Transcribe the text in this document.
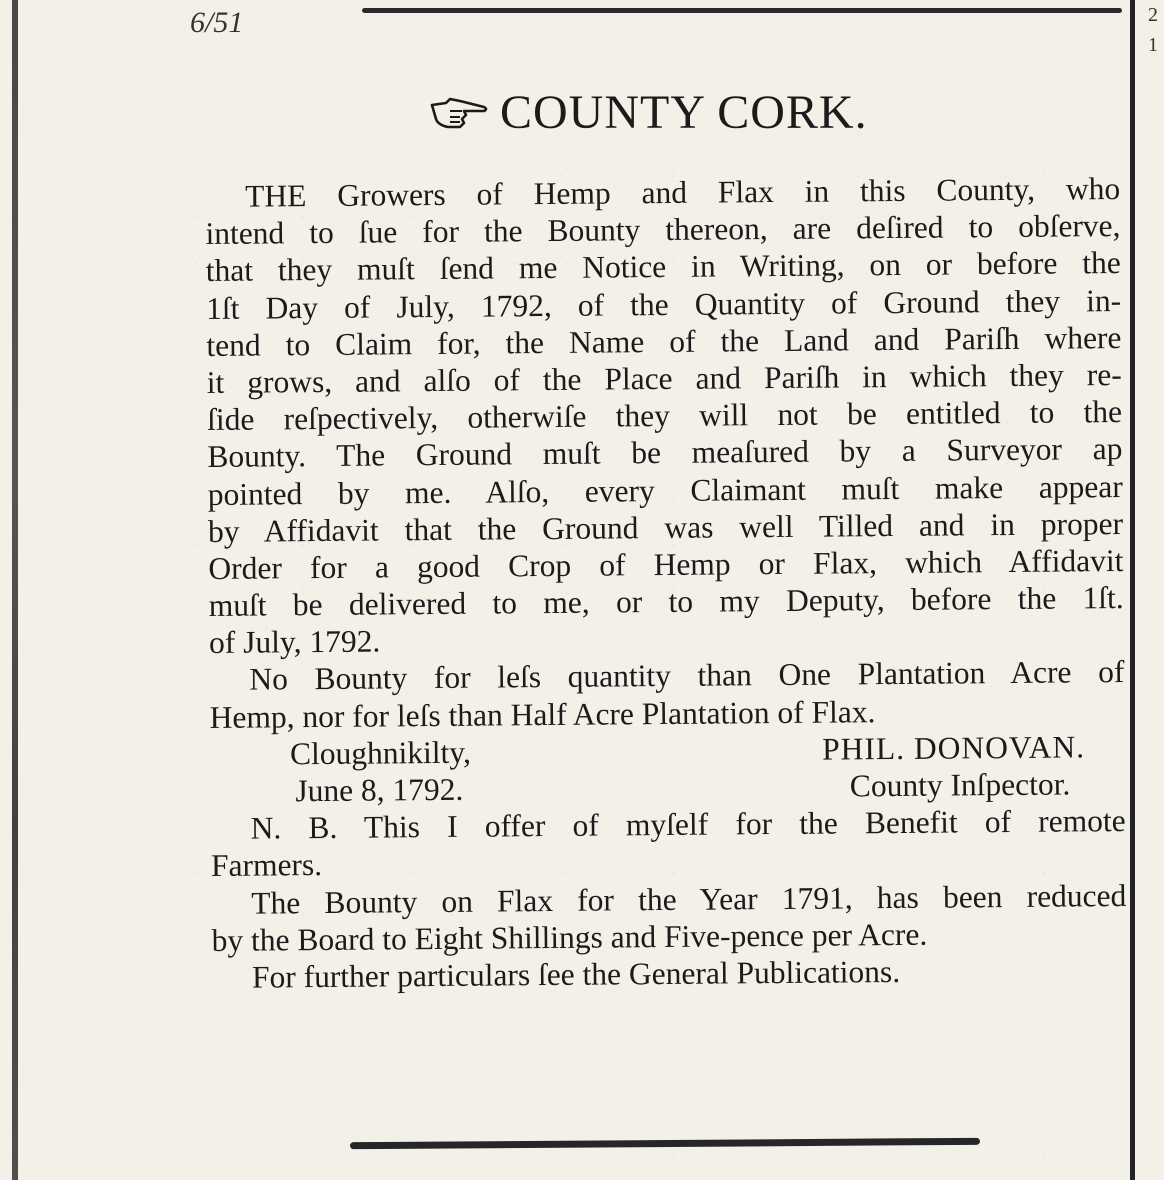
6/51	2
1
COUNTY CORK.
THE Growers of Hemp and Flax in this County, who
intend to ſue for the Bounty thereon, are deſired to obſerve,
that they muſt ſend me Notice in Writing, on or before the
1ſt Day of July, 1792, of the Quantity of Ground they in-
tend to Claim for, the Name of the Land and Pariſh where
it grows, and alſo of the Place and Pariſh in which they re-
ſide reſpectively, otherwiſe they will not be entitled to the
Bounty. The Ground muſt be meaſured by a Surveyor ap
pointed by me. Alſo, every Claimant muſt make appear
by Affidavit that the Ground was well Tilled and in proper
Order for a good Crop of Hemp or Flax, which Affidavit
muſt be delivered to me, or to my Deputy, before the 1ſt.
of July, 1792.
No Bounty for leſs quantity than One Plantation Acre of
Hemp, nor for leſs than Half Acre Plantation of Flax.
Cloughnikilty,	PHIL. DONOVAN.
June 8, 1792.	County Inſpector.
N. B. This I offer of myſelf for the Benefit of remote
Farmers.
The Bounty on Flax for the Year 1791, has been reduced
by the Board to Eight Shillings and Five-pence per Acre.
For further particulars ſee the General Publications.
